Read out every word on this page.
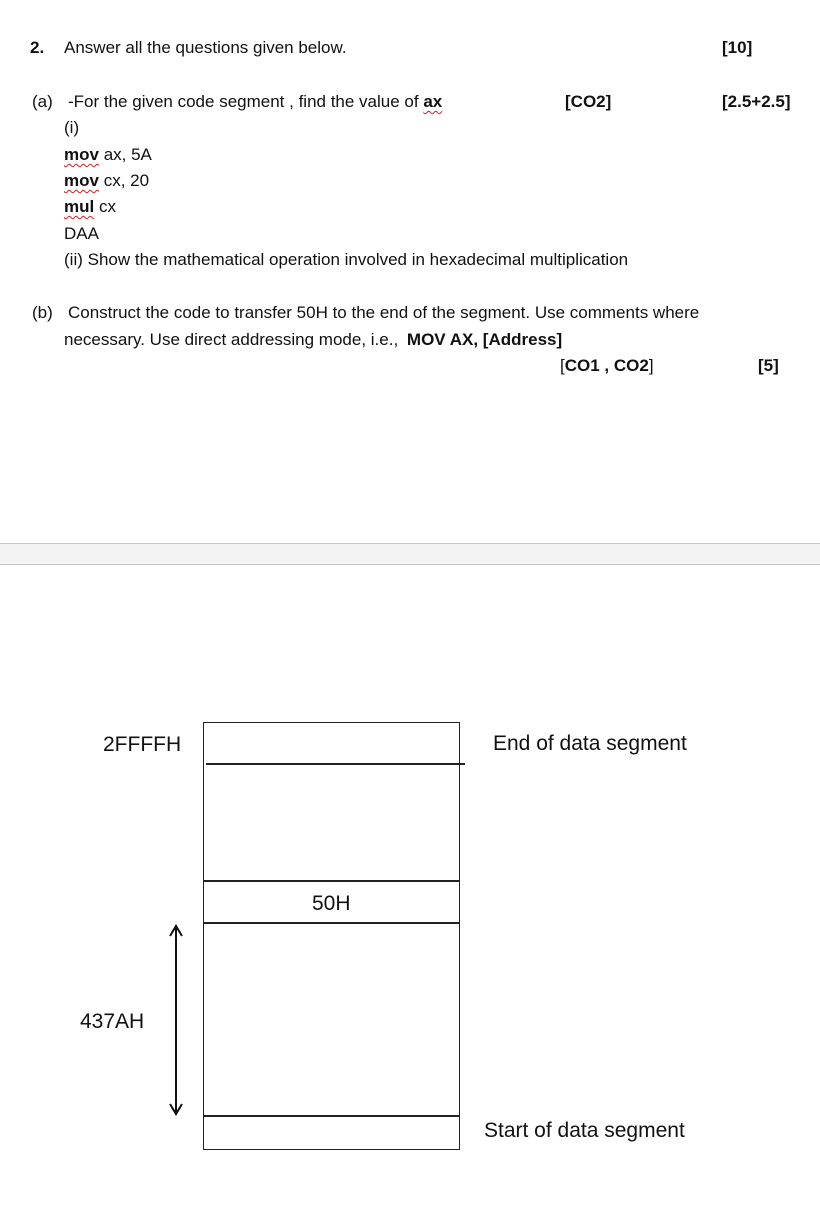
2. Answer all the questions given below.	[10]
(a) -For the given code segment , find the value of ax	[CO2]	[2.5+2.5]
(i)
mov ax, 5A
mov cx, 20
mul cx
DAA
(ii) Show the mathematical operation involved in hexadecimal multiplication
(b) Construct the code to transfer 50H to the end of the segment. Use comments where
necessary. Use direct addressing mode, i.e., MOV AX, [Address]
[CO1 , CO2]	[5]
2FFFFH	End of data segment
50H
437AH
Start of data segment
